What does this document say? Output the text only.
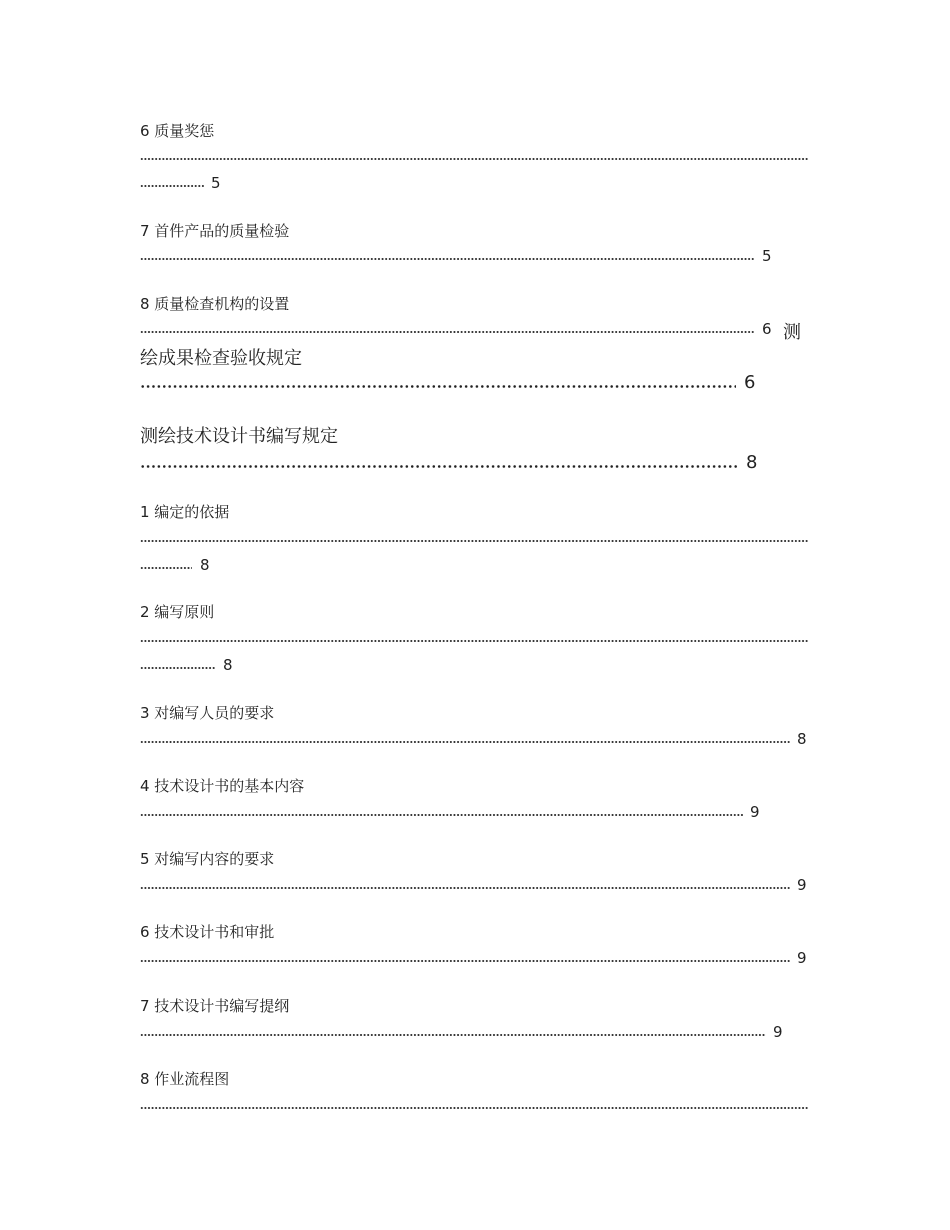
6 质量奖惩
5
7 首件产品的质量检验
5
8 质量检查机构的设置
6 测
绘成果检查验收规定
6
测绘技术设计书编写规定
8
1 编定的依据
8
2 编写原则
8
3 对编写人员的要求
8
4 技术设计书的基本内容
9
5 对编写内容的要求
9
6 技术设计书和审批
9
7 技术设计书编写提纲
9
8 作业流程图
